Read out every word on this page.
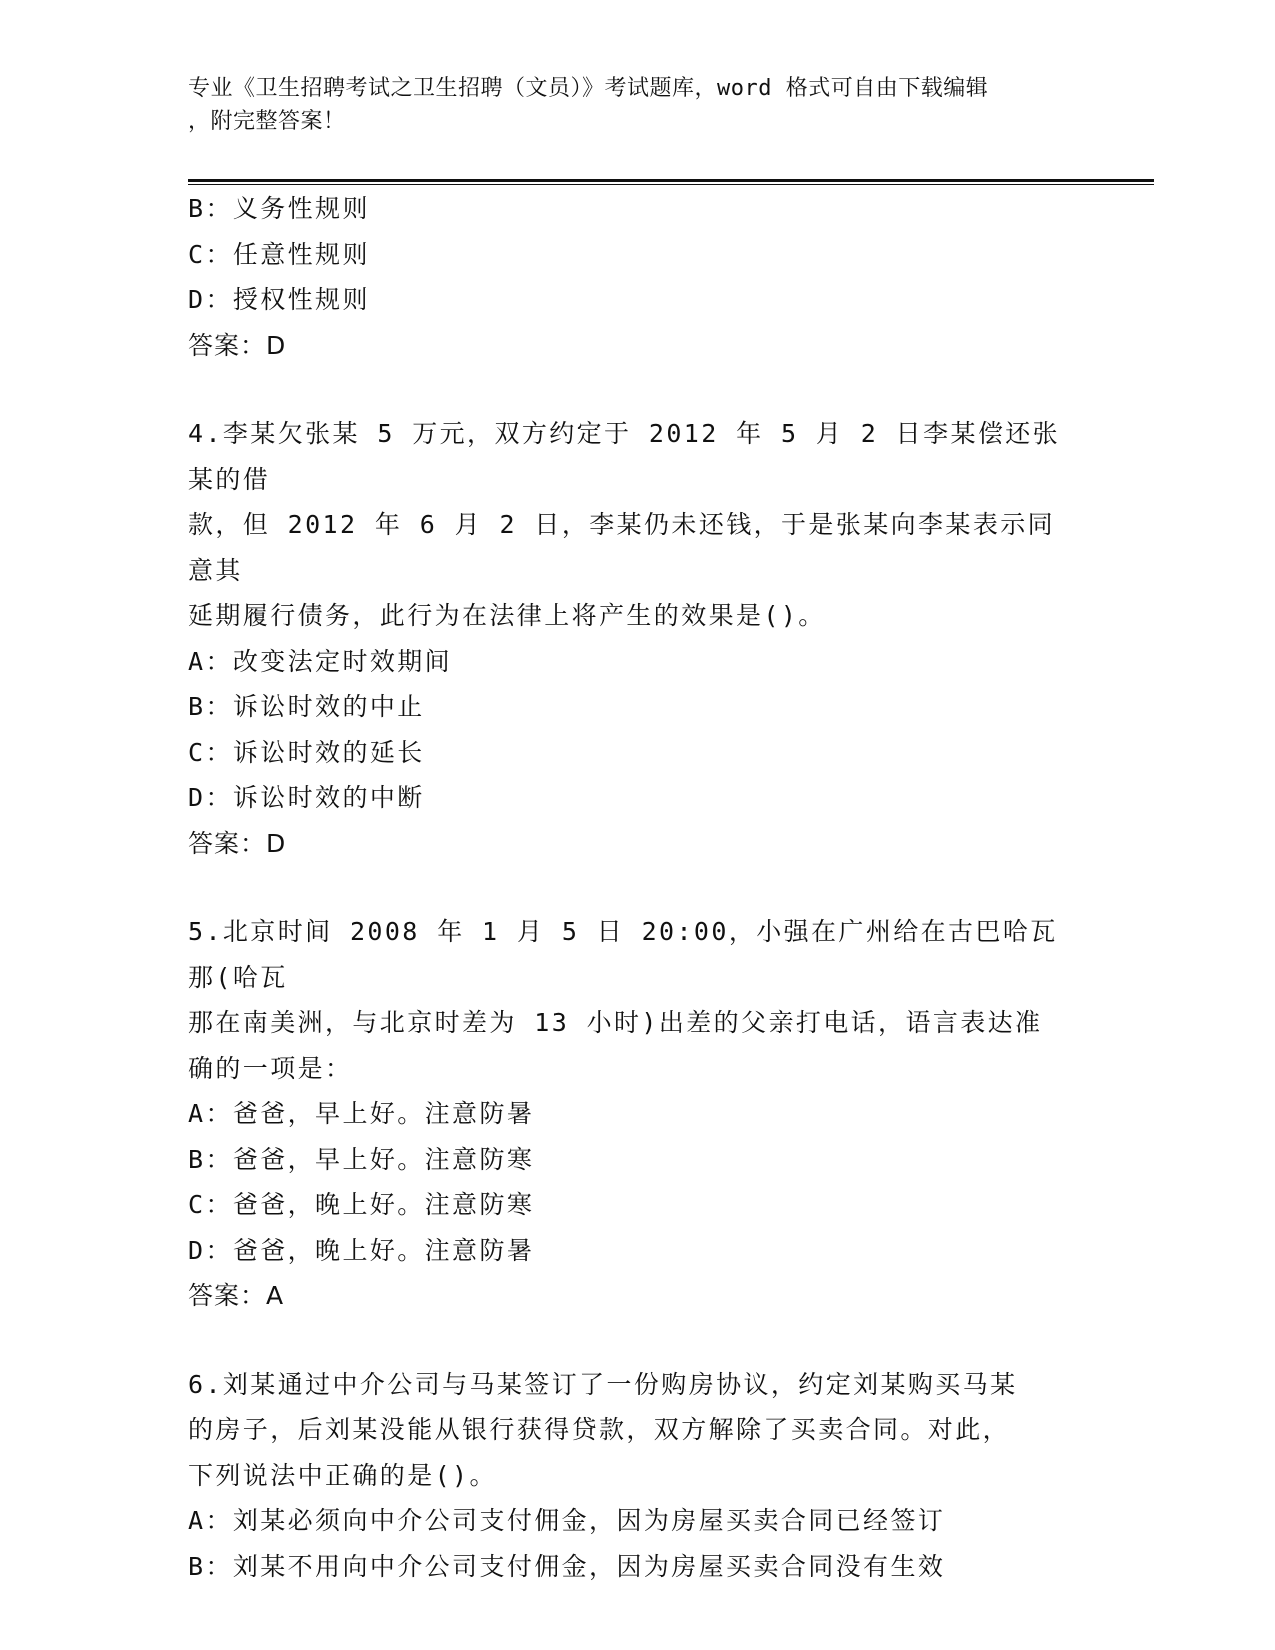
专业《卫生招聘考试之卫生招聘（文员）》考试题库，word 格式可自由下载编辑
，附完整答案！
B：义务性规则
C：任意性规则
D：授权性规则
答案：D
4.李某欠张某 5 万元，双方约定于 2012 年 5 月 2 日李某偿还张某的借
款，但 2012 年 6 月 2 日，李某仍未还钱，于是张某向李某表示同意其
延期履行债务，此行为在法律上将产生的效果是()。
A：改变法定时效期间
B：诉讼时效的中止
C：诉讼时效的延长
D：诉讼时效的中断
答案：D
5.北京时间 2008 年 1 月 5 日 20:00，小强在广州给在古巴哈瓦那(哈瓦
那在南美洲，与北京时差为 13 小时)出差的父亲打电话，语言表达准
确的一项是：
A：爸爸，早上好。注意防暑
B：爸爸，早上好。注意防寒
C：爸爸，晚上好。注意防寒
D：爸爸，晚上好。注意防暑
答案：A
6.刘某通过中介公司与马某签订了一份购房协议，约定刘某购买马某
的房子，后刘某没能从银行获得贷款，双方解除了买卖合同。对此，
下列说法中正确的是()。
A：刘某必须向中介公司支付佣金，因为房屋买卖合同已经签订
B：刘某不用向中介公司支付佣金，因为房屋买卖合同没有生效
